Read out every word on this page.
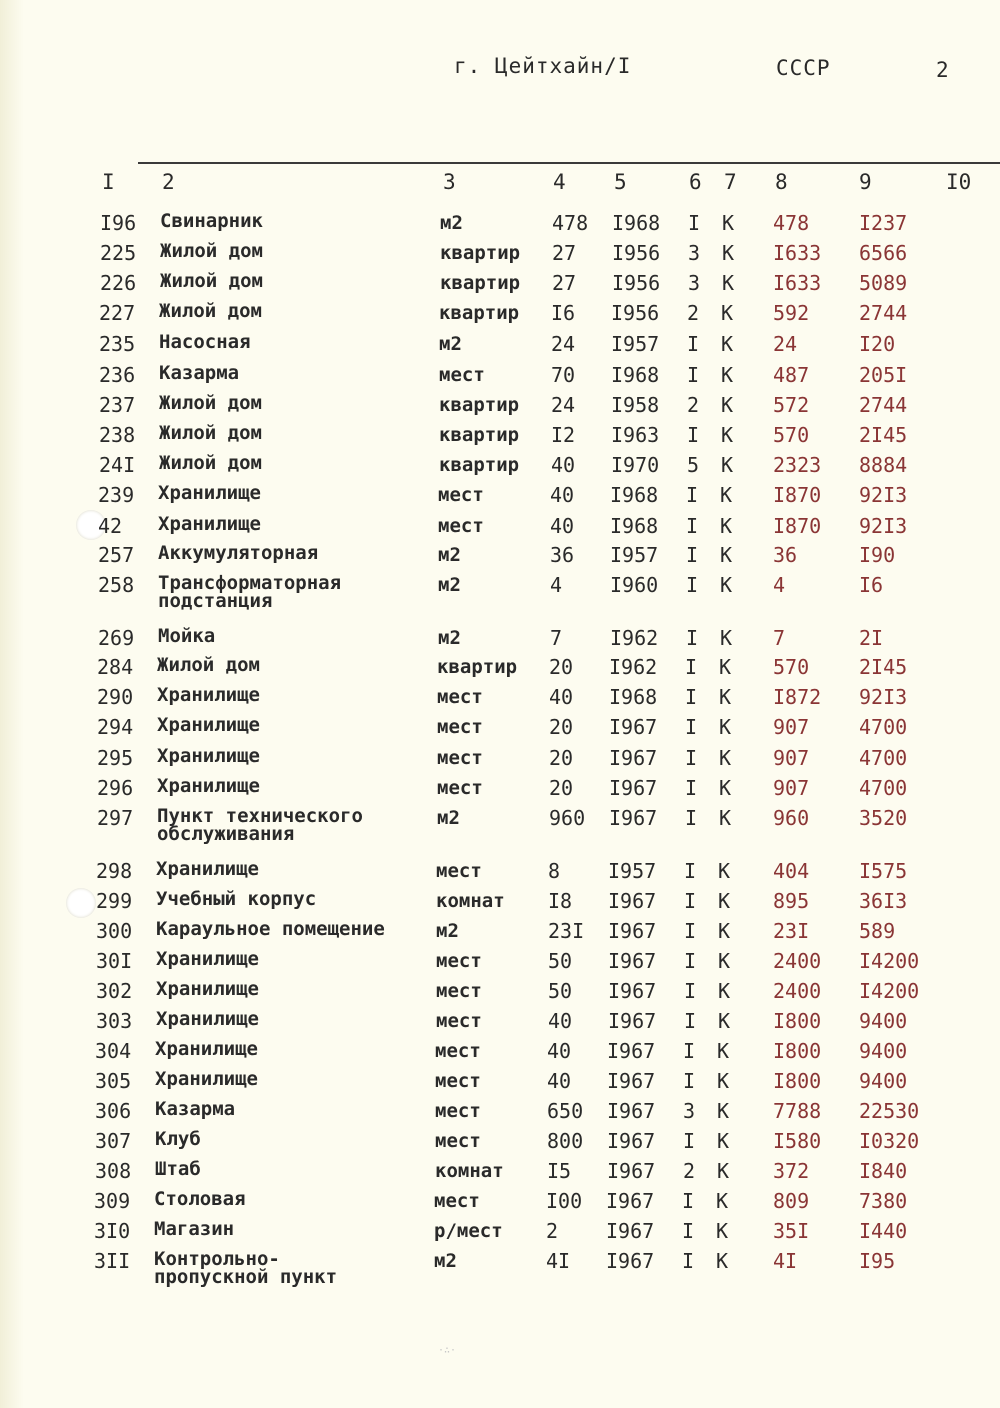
г. Цейтхайн/I	СССР	2
I 2	3	4 5	6 7 8	9	I0
I96 Свинарник	м2	478 I968 I К 478 I237
225 Жилой дом	квартир 27 I956 3 К I633 6566
226 Жилой дом	квартир 27 I956 3 К I633 5089
227 Жилой дом	квартир I6 I956 2 К 592 2744
235 Насосная	м2	24 I957 I К 24	I20
236 Казарма	мест	70 I968 I К 487 205I
237 Жилой дом	квартир 24 I958 2 К 572 2744
238 Жилой дом	квартир I2 I963 I К 570 2I45
24I Жилой дом	квартир 40 I970 5 К 2323 8884
239 Хранилище	мест	40 I968 I К I870 92I3
42 Хранилище	мест	40 I968 I К I870 92I3
257 Аккумуляторная	м2	36 I957 I К 36	I90
258 Трансформаторная подстанция
м2	4 I960 I К 4	I6
269 Мойка	м2	7 I962 I К 7	2I
284 Жилой дом	квартир 20 I962 I К 570 2I45
290 Хранилище	мест	40 I968 I К I872 92I3
294 Хранилище	мест	20 I967 I К 907 4700
295 Хранилище	мест	20 I967 I К 907 4700
296 Хранилище	мест	20 I967 I К 907 4700
297 Пункт технического обслуживания
м2	960 I967 I К 960 3520
298 Хранилище	мест	8 I957 I К 404 I575
299 Учебный корпус	комнат I8 I967 I К 895 36I3
300 Караульное помещение	м2	23I I967 I К 23I 589
30I Хранилище	мест	50 I967 I К 2400 I4200
302 Хранилище	мест	50 I967 I К 2400 I4200
303 Хранилище	мест	40 I967 I К I800 9400
304 Хранилище	мест	40 I967 I К I800 9400
305 Хранилище	мест	40 I967 I К I800 9400
306 Казарма	мест	650 I967 3 К 7788 22530
307 Клуб	мест	800 I967 I К I580 I0320
308 Штаб	комнат I5 I967 2 К 372 I840
309 Столовая	мест	I00 I967 I К 809 7380
3I0 Магазин	р/мест 2 I967 I К 35I I440
3II Контрольно-пропускной пункт
м2	4I I967 I К 4I	I95
·∴·
